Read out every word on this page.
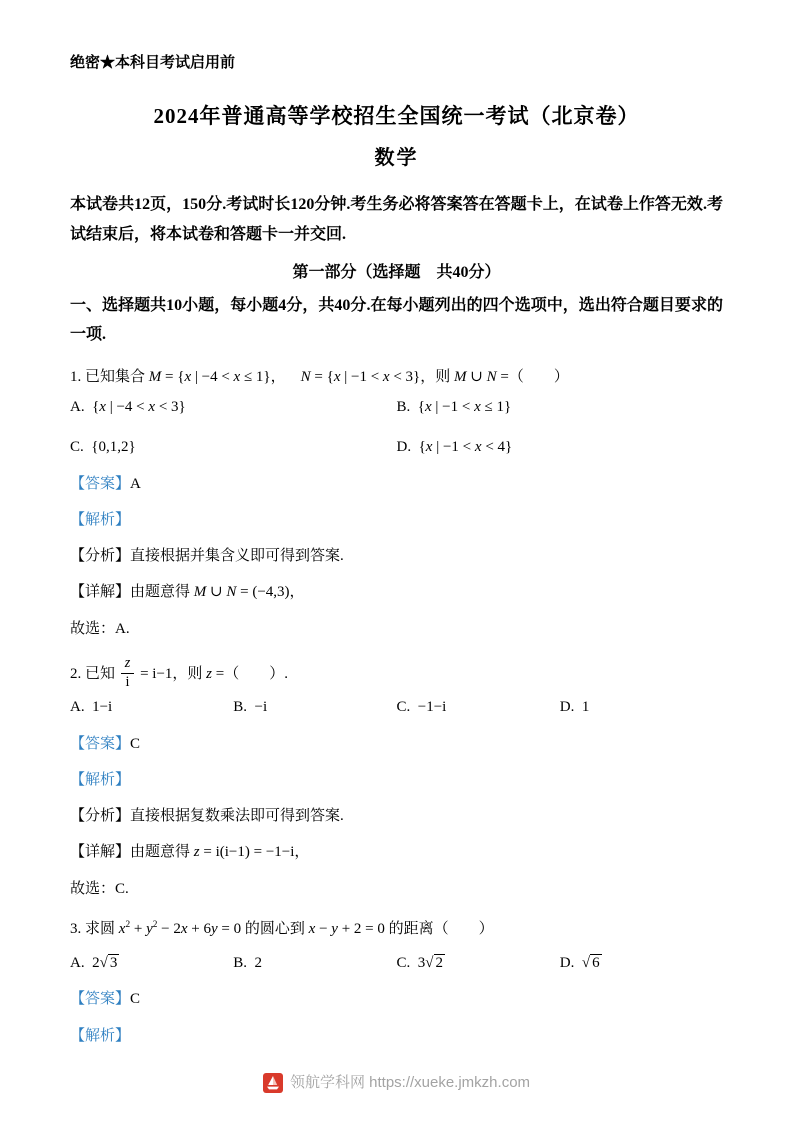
绝密★本科目考试启用前

2024年普通高等学校招生全国统一考试（北京卷）
数学

本试卷共12页，150分.考试时长120分钟.考生务必将答案答在答题卡上，在试卷上作答无效.考试结束后，将本试卷和答题卡一并交回.

第一部分（选择题　共40分）

一、选择题共10小题，每小题4分，共40分.在每小题列出的四个选项中，选出符合题目要求的一项.

1. 已知集合 M = {x | −4 < x ≤ 1}， N = {x | −1 < x < 3}，则 M ∪ N =（  ）

A. {x | −4 < x < 3}	B. {x | −1 < x ≤ 1}

C. {0,1,2}	D. {x | −1 < x < 4}

【答案】A

【解析】

【分析】直接根据并集含义即可得到答案.

【详解】由题意得 M ∪ N = (−4,3)，

故选：A.

2. 已知 $\frac{z}{i} = i-1$，则 z =（  ）.

A. 1−i	B. −i	C. −1−i	D. 1

【答案】C

【解析】

【分析】直接根据复数乘法即可得到答案.

【详解】由题意得 z = i(i−1) = −1−i，

故选：C.

3. 求圆 $x^2 + y^2 - 2x + 6y = 0$ 的圆心到 x − y + 2 = 0 的距离（  ）

A. 2√ 3	B. 2	C. 3√ 2	D. √ 6

【答案】C

【解析】

领航学科网 https://xueke.jmkzh.com
